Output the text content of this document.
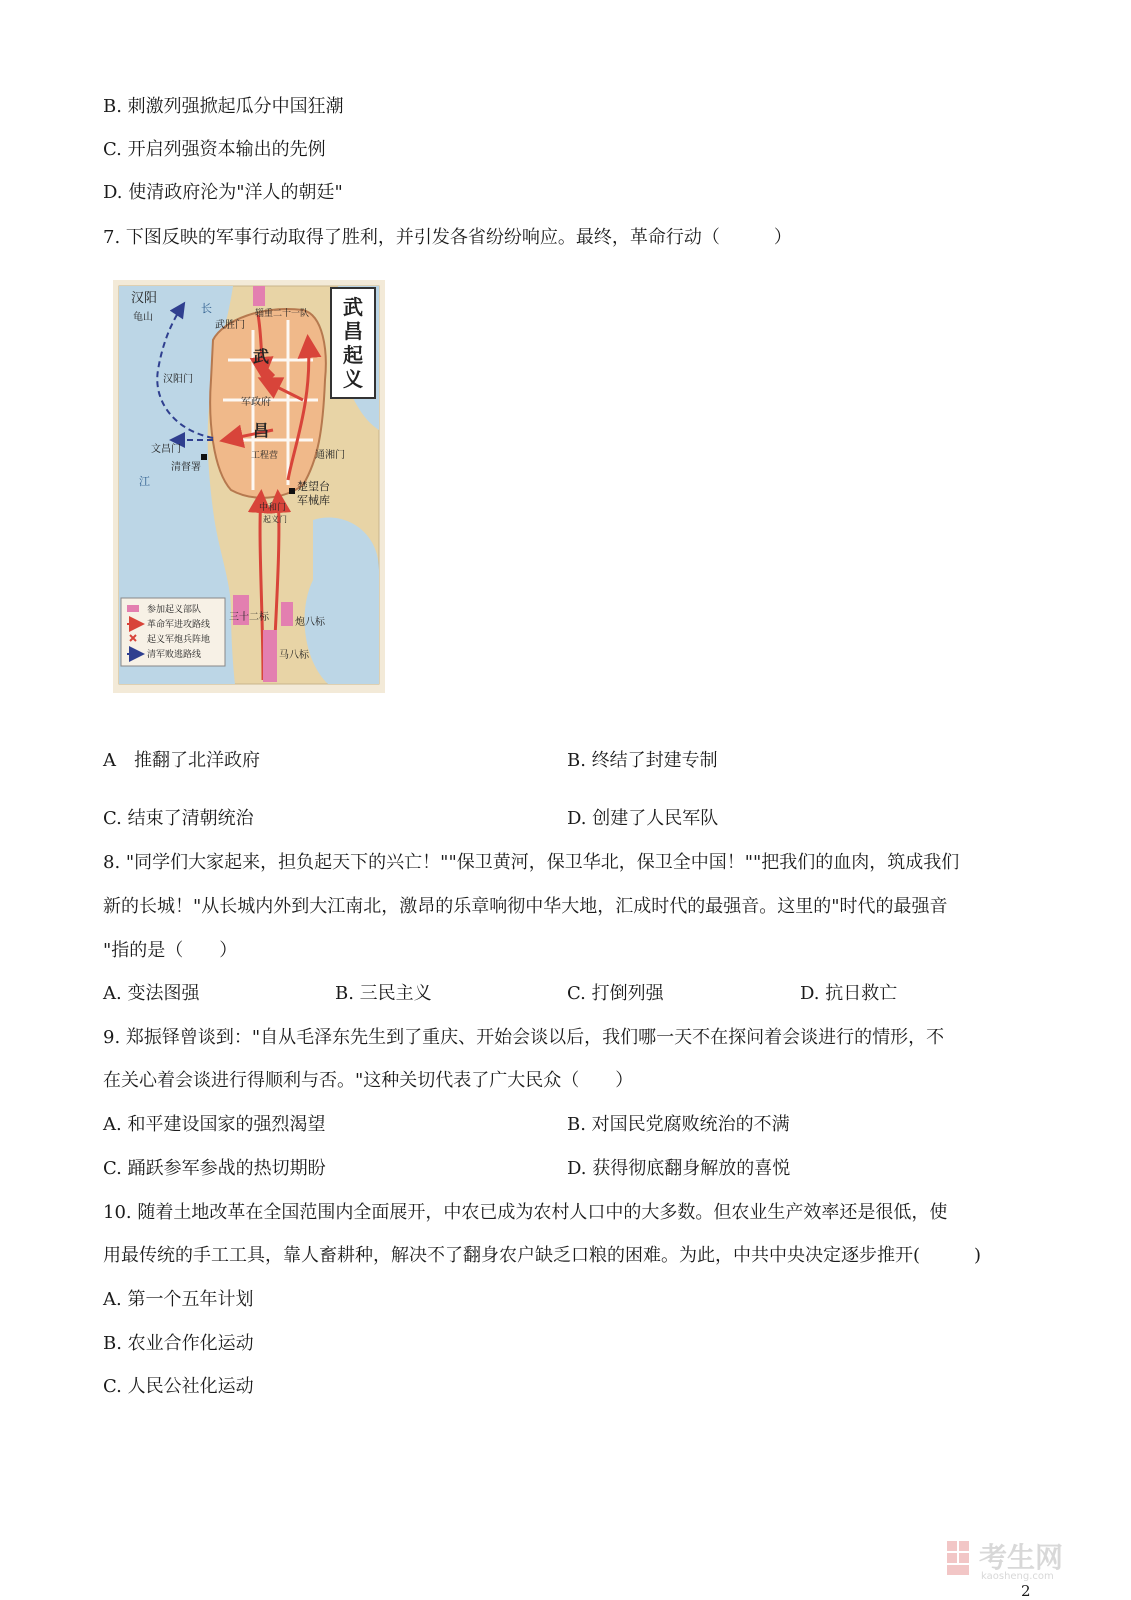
B. 刺激列强掀起瓜分中国狂潮
C. 开启列强资本输出的先例
D. 使清政府沦为"洋人的朝廷"
7. 下图反映的军事行动取得了胜利，并引发各省纷纷响应。最终，革命行动（　　　）
武
昌
起
义
汉阳
龟山
长
江
辎重二十一队
武胜门
武
汉阳门
军政府
昌
文昌门
清督署
工程营	通湘门
楚望台
军械库
中和门
起义门
三十二标	炮八标
马八标
参加起义部队
革命军进攻路线
起义军炮兵阵地
清军败逃路线
A　推翻了北洋政府	B. 终结了封建专制
C. 结束了清朝统治	D. 创建了人民军队
8. "同学们大家起来，担负起天下的兴亡！""保卫黄河，保卫华北，保卫全中国！""把我们的血肉，筑成我们
新的长城！"从长城内外到大江南北，激昂的乐章响彻中华大地，汇成时代的最强音。这里的"时代的最强音
"指的是（　　）
A. 变法图强	B. 三民主义	C. 打倒列强	D. 抗日救亡
9. 郑振铎曾谈到："自从毛泽东先生到了重庆、开始会谈以后，我们哪一天不在探问着会谈进行的情形，不
在关心着会谈进行得顺利与否。"这种关切代表了广大民众（　　）
A. 和平建设国家的强烈渴望	B. 对国民党腐败统治的不满
C. 踊跃参军参战的热切期盼	D. 获得彻底翻身解放的喜悦
10. 随着土地改革在全国范围内全面展开，中农已成为农村人口中的大多数。但农业生产效率还是很低，使
用最传统的手工工具，靠人畜耕种，解决不了翻身农户缺乏口粮的困难。为此，中共中央决定逐步推开(　　　)
A. 第一个五年计划
B. 农业合作化运动
C. 人民公社化运动
考生网
kaosheng.com
2
